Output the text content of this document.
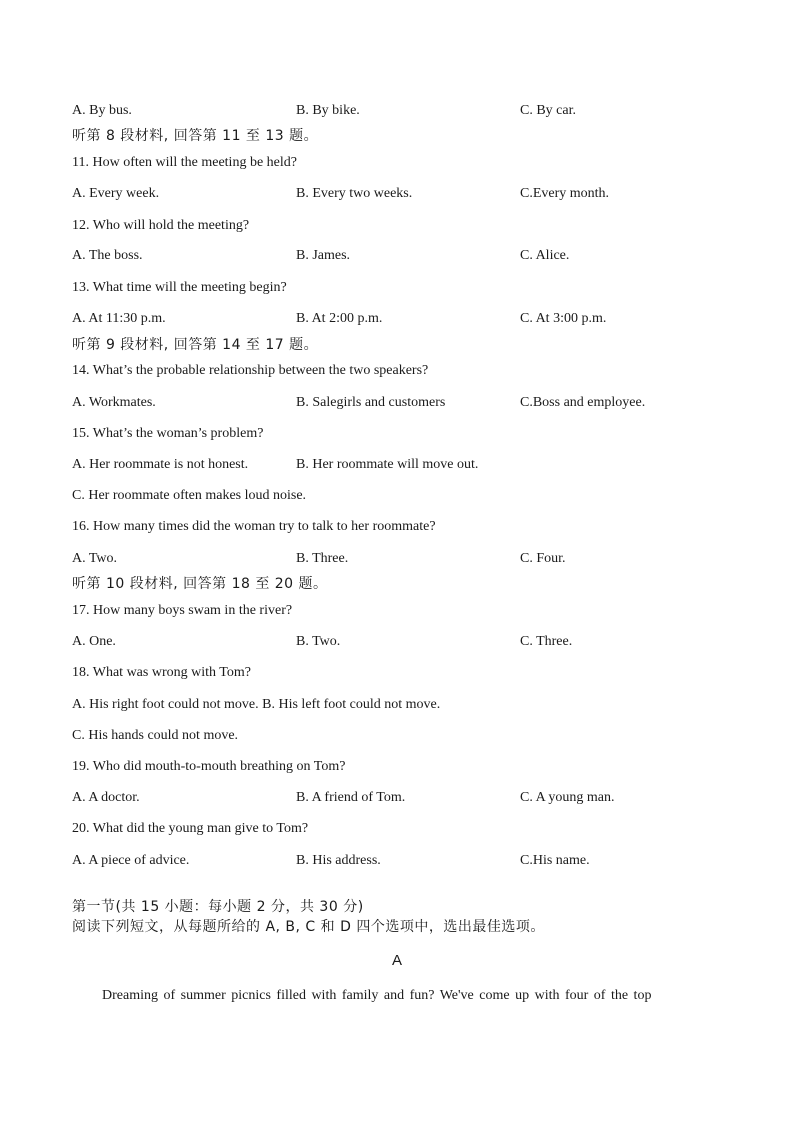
A. By bus.	B. By bike.	C. By car.
听第 8 段材料, 回答第 11 至 13 题。
11. How often will the meeting be held?
A. Every week.	B. Every two weeks.	C.Every month.
12. Who will hold the meeting?
A. The boss.	B. James.	C. Alice.
13. What time will the meeting begin?
A. At 11:30 p.m.	B. At 2:00 p.m.	C. At 3:00 p.m.
听第 9 段材料, 回答第 14 至 17 题。
14. What’s the probable relationship between the two speakers?
A. Workmates.	B. Salegirls and customers	C.Boss and employee.
15. What’s the woman’s problem?
A. Her roommate is not honest.	B. Her roommate will move out.
C. Her roommate often makes loud noise.
16. How many times did the woman try to talk to her roommate?
A. Two.	B. Three.	C. Four.
听第 10 段材料, 回答第 18 至 20 题。
17. How many boys swam in the river?
A. One.	B. Two.	C. Three.
18. What was wrong with Tom?
A. His right foot could not move. B. His left foot could not move.
C. His hands could not move.
19. Who did mouth-to-mouth breathing on Tom?
A. A doctor.	B. A friend of Tom.	C. A young man.
20. What did the young man give to Tom?
A. A piece of advice.	B. His address.	C.His name.
第一节(共 15 小题：每小题 2 分，共 30 分)
阅读下列短文，从每题所给的 A, B, C 和 D 四个选项中，选出最佳选项。
A
Dreaming of summer picnics filled with family and fun? We've come up with four of the top
